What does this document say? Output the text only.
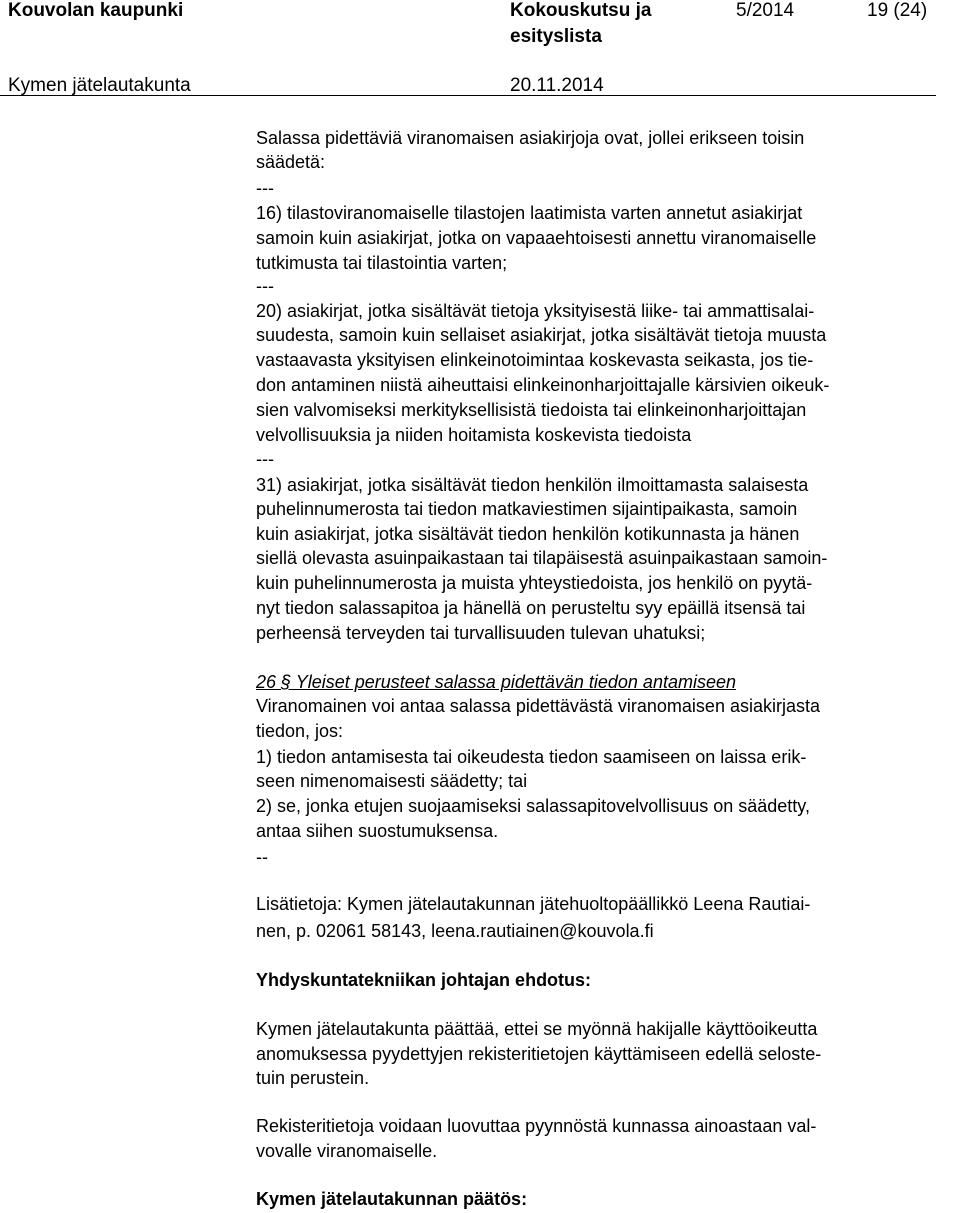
Kouvolan kaupunki	Kokouskutsu ja
esityslista
5/2014	19 (24)
Kymen jätelautakunta	20.11.2014
Salassa pidettäviä viranomaisen asiakirjoja ovat, jollei erikseen toisin
säädetä:
---
16) tilastoviranomaiselle tilastojen laatimista varten annetut asiakirjat
samoin kuin asiakirjat, jotka on vapaaehtoisesti annettu viranomaiselle
tutkimusta tai tilastointia varten;
---
20) asiakirjat, jotka sisältävät tietoja yksityisestä liike- tai ammattisalai-
suudesta, samoin kuin sellaiset asiakirjat, jotka sisältävät tietoja muusta
vastaavasta yksityisen elinkeinotoimintaa koskevasta seikasta, jos tie-
don antaminen niistä aiheuttaisi elinkeinonharjoittajalle kärsivien oikeuk-
sien valvomiseksi merkityksellisistä tiedoista tai elinkeinonharjoittajan
velvollisuuksia ja niiden hoitamista koskevista tiedoista
---
31) asiakirjat, jotka sisältävät tiedon henkilön ilmoittamasta salaisesta
puhelinnumerosta tai tiedon matkaviestimen sijaintipaikasta, samoin
kuin asiakirjat, jotka sisältävät tiedon henkilön kotikunnasta ja hänen
siellä olevasta asuinpaikastaan tai tilapäisestä asuinpaikastaan samoin-
kuin puhelinnumerosta ja muista yhteystiedoista, jos henkilö on pyytä-
nyt tiedon salassapitoa ja hänellä on perusteltu syy epäillä itsensä tai
perheensä terveyden tai turvallisuuden tulevan uhatuksi;
26 § Yleiset perusteet salassa pidettävän tiedon antamiseen
Viranomainen voi antaa salassa pidettävästä viranomaisen asiakirjasta
tiedon, jos:
1) tiedon antamisesta tai oikeudesta tiedon saamiseen on laissa erik-
seen nimenomaisesti säädetty; tai
2) se, jonka etujen suojaamiseksi salassapitovelvollisuus on säädetty,
antaa siihen suostumuksensa.
--
Lisätietoja: Kymen jätelautakunnan jätehuoltopäällikkö Leena Rautiai-
nen, p. 02061 58143, leena.rautiainen@kouvola.fi
Yhdyskuntatekniikan johtajan ehdotus:
Kymen jätelautakunta päättää, ettei se myönnä hakijalle käyttöoikeutta
anomuksessa pyydettyjen rekisteritietojen käyttämiseen edellä seloste-
tuin perustein.
Rekisteritietoja voidaan luovuttaa pyynnöstä kunnassa ainoastaan val-
vovalle viranomaiselle.
Kymen jätelautakunnan päätös:
